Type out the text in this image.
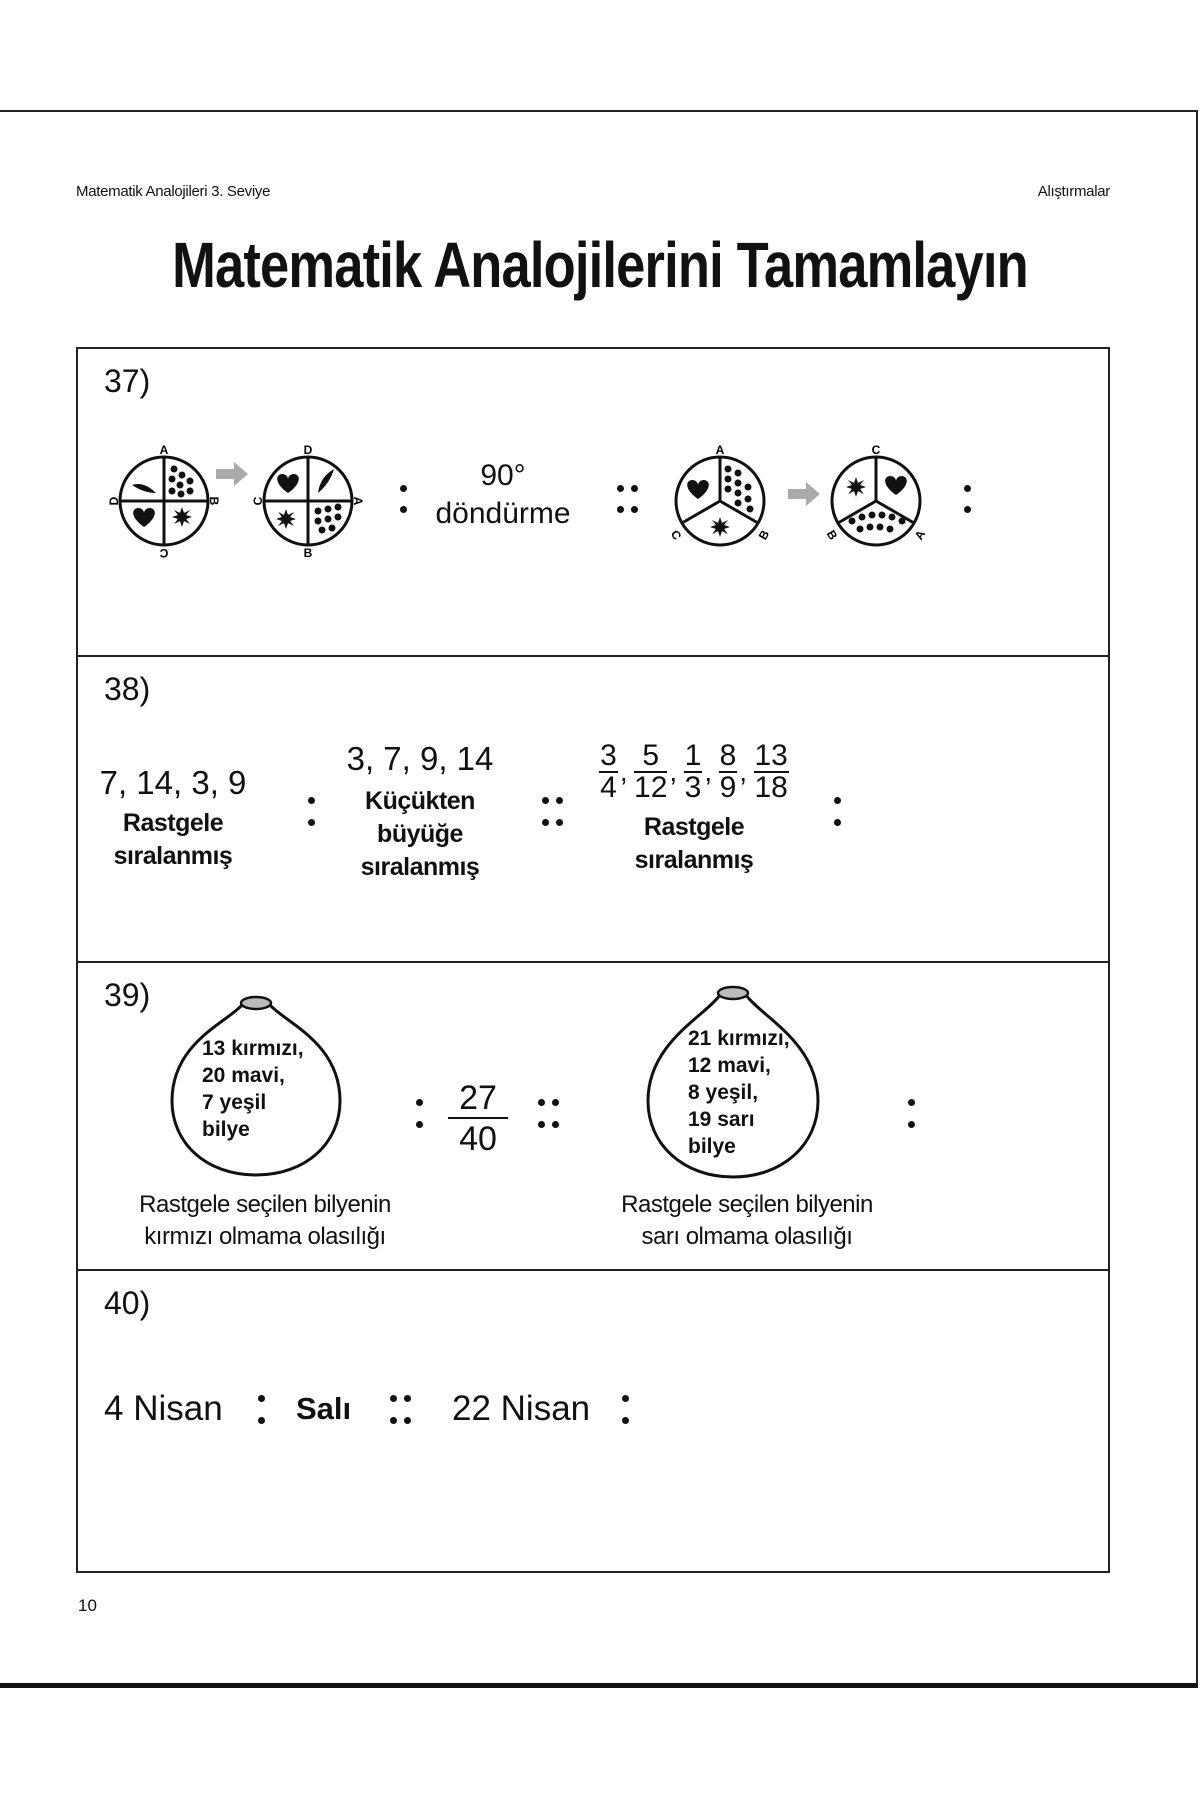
Matematik Analojileri 3. Seviye	Alıştırmalar
Matematik Analojilerini Tamamlayın
37)
A
B
C
D
D
A
B
C
90°
döndürme
A
B
C
C
A
B
38)
7, 14, 3, 9
Rastgele
sıralanmış
3, 7, 9, 14
Küçükten
büyüğe
sıralanmış
$\frac{3}{4}$ , $\frac{5}{12}$ , $\frac{1}{3}$ , $\frac{8}{9}$ , $\frac{13}{18}$
Rastgele
sıralanmış
39)
13 kırmızı,
20 mavi,
7 yeşil
bilye
Rastgele seçilen bilyenin
kırmızı olmama olasılığı
27
40
21 kırmızı,
12 mavi,
8 yeşil,
19 sarı
bilye
Rastgele seçilen bilyenin
sarı olmama olasılığı
40)
4 Nisan Salı	22 Nisan
10
